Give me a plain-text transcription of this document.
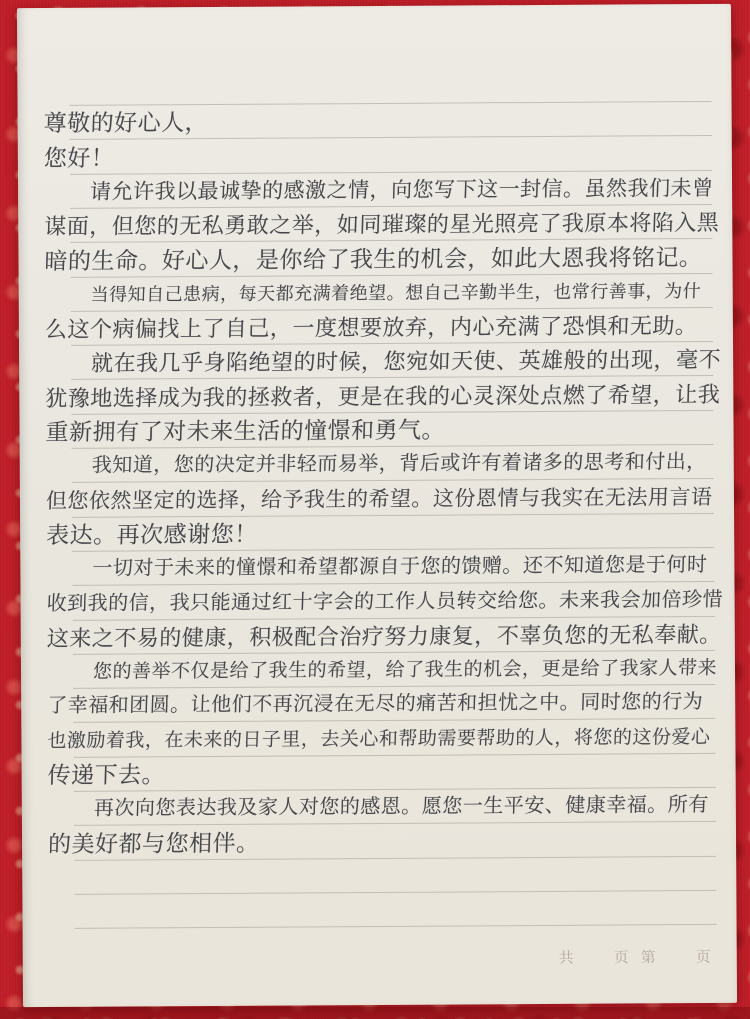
尊敬的好心人，
您好！
请允许我以最诚挚的感激之情，向您写下这一封信。虽然我们未曾
谋面，但您的无私勇敢之举，如同璀璨的星光照亮了我原本将陷入黑
暗的生命。好心人，是你给了我生的机会，如此大恩我将铭记。
当得知自己患病，每天都充满着绝望。想自己辛勤半生，也常行善事，为什
么这个病偏找上了自己，一度想要放弃，内心充满了恐惧和无助。
就在我几乎身陷绝望的时候，您宛如天使、英雄般的出现，毫不
犹豫地选择成为我的拯救者，更是在我的心灵深处点燃了希望，让我
重新拥有了对未来生活的憧憬和勇气。
我知道，您的决定并非轻而易举，背后或许有着诸多的思考和付出，
但您依然坚定的选择，给予我生的希望。这份恩情与我实在无法用言语
表达。再次感谢您！
一切对于未来的憧憬和希望都源自于您的馈赠。还不知道您是于何时
收到我的信，我只能通过红十字会的工作人员转交给您。未来我会加倍珍惜
这来之不易的健康，积极配合治疗努力康复，不辜负您的无私奉献。
您的善举不仅是给了我生的希望，给了我生的机会，更是给了我家人带来
了幸福和团圆。让他们不再沉浸在无尽的痛苦和担忧之中。同时您的行为
也激励着我，在未来的日子里，去关心和帮助需要帮助的人，将您的这份爱心
传递下去。
再次向您表达我及家人对您的感恩。愿您一生平安、健康幸福。所有
的美好都与您相伴。
共	页 第	页
